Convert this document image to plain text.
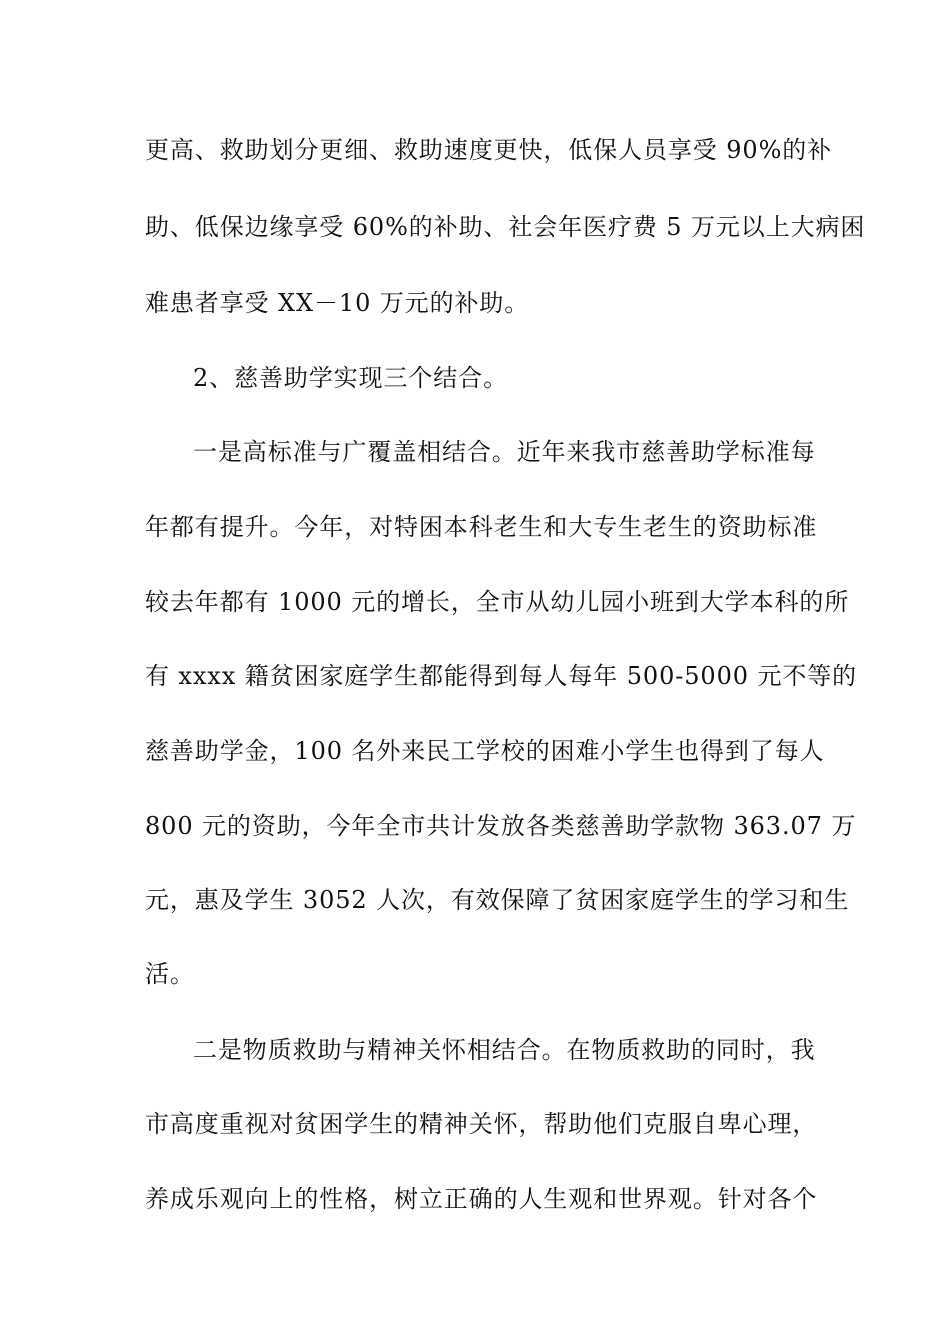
更高、救助划分更细、救助速度更快，低保人员享受 90%的补
助、低保边缘享受 60%的补助、社会年医疗费 5 万元以上大病困
难患者享受 XX－10 万元的补助。
2、慈善助学实现三个结合。
一是高标准与广覆盖相结合。近年来我市慈善助学标准每
年都有提升。今年，对特困本科老生和大专生老生的资助标准
较去年都有 1000 元的增长，全市从幼儿园小班到大学本科的所
有 xxxx 籍贫困家庭学生都能得到每人每年 500-5000 元不等的
慈善助学金，100 名外来民工学校的困难小学生也得到了每人
800 元的资助，今年全市共计发放各类慈善助学款物 363.07 万
元，惠及学生 3052 人次，有效保障了贫困家庭学生的学习和生
活。
二是物质救助与精神关怀相结合。在物质救助的同时，我
市高度重视对贫困学生的精神关怀，帮助他们克服自卑心理，
养成乐观向上的性格，树立正确的人生观和世界观。针对各个
